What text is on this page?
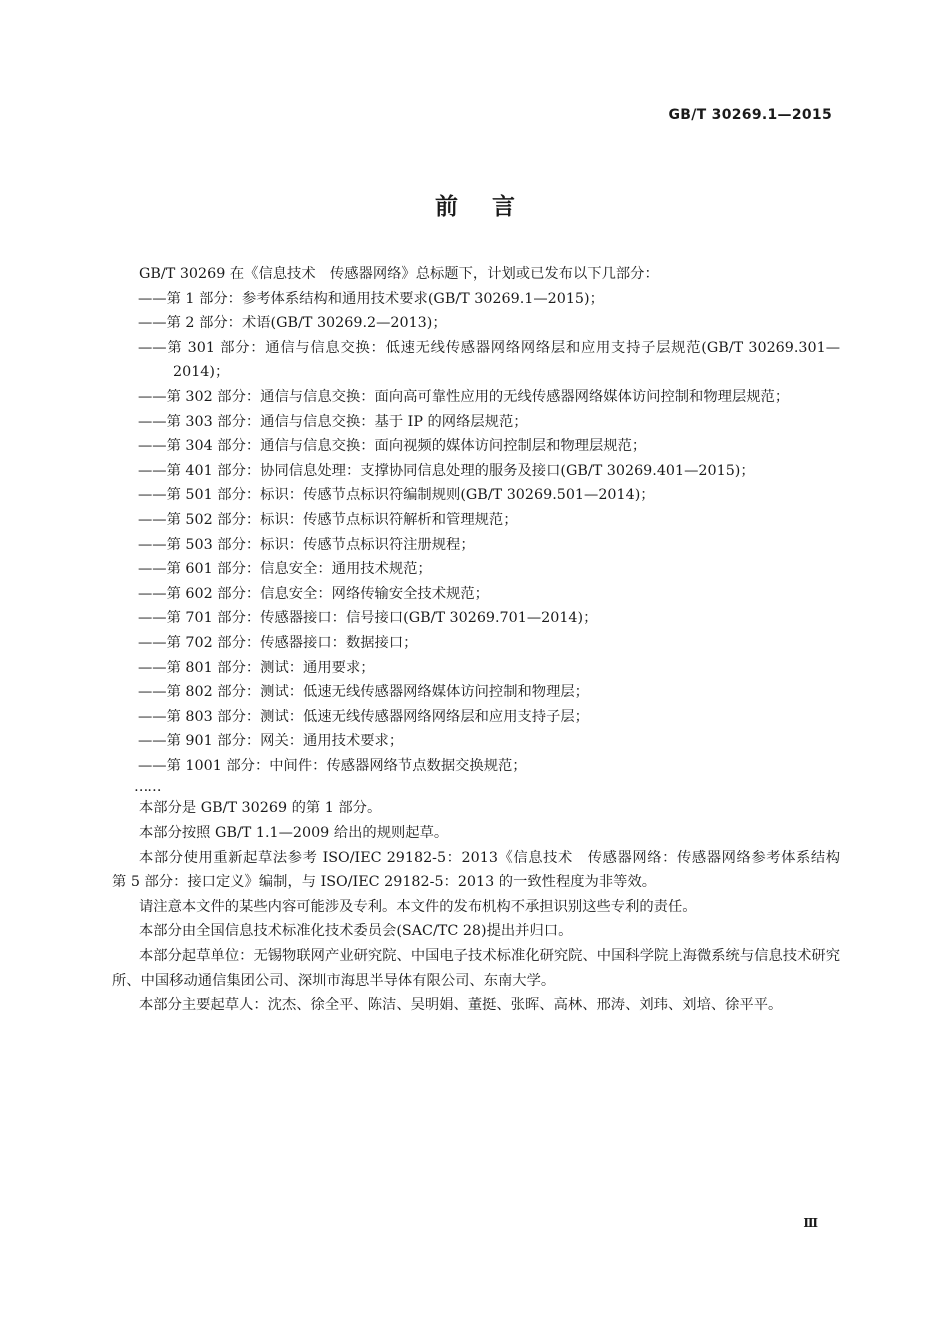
GB/T 30269.1—2015
前言

GB/T 30269 在《信息技术　传感器网络》总标题下，计划或已发布以下几部分：

——第 1 部分：参考体系结构和通用技术要求(GB/T 30269.1—2015)；
——第 2 部分：术语(GB/T 30269.2—2013)；
——第 301 部分：通信与信息交换：低速无线传感器网络网络层和应用支持子层规范(GB/T 30269.301—2014)；
——第 302 部分：通信与信息交换：面向高可靠性应用的无线传感器网络媒体访问控制和物理层规范；
——第 303 部分：通信与信息交换：基于 IP 的网络层规范；
——第 304 部分：通信与信息交换：面向视频的媒体访问控制层和物理层规范；
——第 401 部分：协同信息处理：支撑协同信息处理的服务及接口(GB/T 30269.401—2015)；
——第 501 部分：标识：传感节点标识符编制规则(GB/T 30269.501—2014)；
——第 502 部分：标识：传感节点标识符解析和管理规范；
——第 503 部分：标识：传感节点标识符注册规程；
——第 601 部分：信息安全：通用技术规范；
——第 602 部分：信息安全：网络传输安全技术规范；
——第 701 部分：传感器接口：信号接口(GB/T 30269.701—2014)；
——第 702 部分：传感器接口：数据接口；
——第 801 部分：测试：通用要求；
——第 802 部分：测试：低速无线传感器网络媒体访问控制和物理层；
——第 803 部分：测试：低速无线传感器网络网络层和应用支持子层；
——第 901 部分：网关：通用技术要求；
——第 1001 部分：中间件：传感器网络节点数据交换规范；

……

本部分是 GB/T 30269 的第 1 部分。

本部分按照 GB/T 1.1—2009 给出的规则起草。

本部分使用重新起草法参考 ISO/IEC 29182-5：2013《信息技术　传感器网络：传感器网络参考体系结构　第 5 部分：接口定义》编制，与 ISO/IEC 29182-5：2013 的一致性程度为非等效。

请注意本文件的某些内容可能涉及专利。本文件的发布机构不承担识别这些专利的责任。

本部分由全国信息技术标准化技术委员会(SAC/TC 28)提出并归口。

本部分起草单位：无锡物联网产业研究院、中国电子技术标准化研究院、中国科学院上海微系统与信息技术研究所、中国移动通信集团公司、深圳市海思半导体有限公司、东南大学。

本部分主要起草人：沈杰、徐全平、陈洁、吴明娟、董挺、张晖、高林、邢涛、刘玮、刘培、徐平平。

Ⅲ
